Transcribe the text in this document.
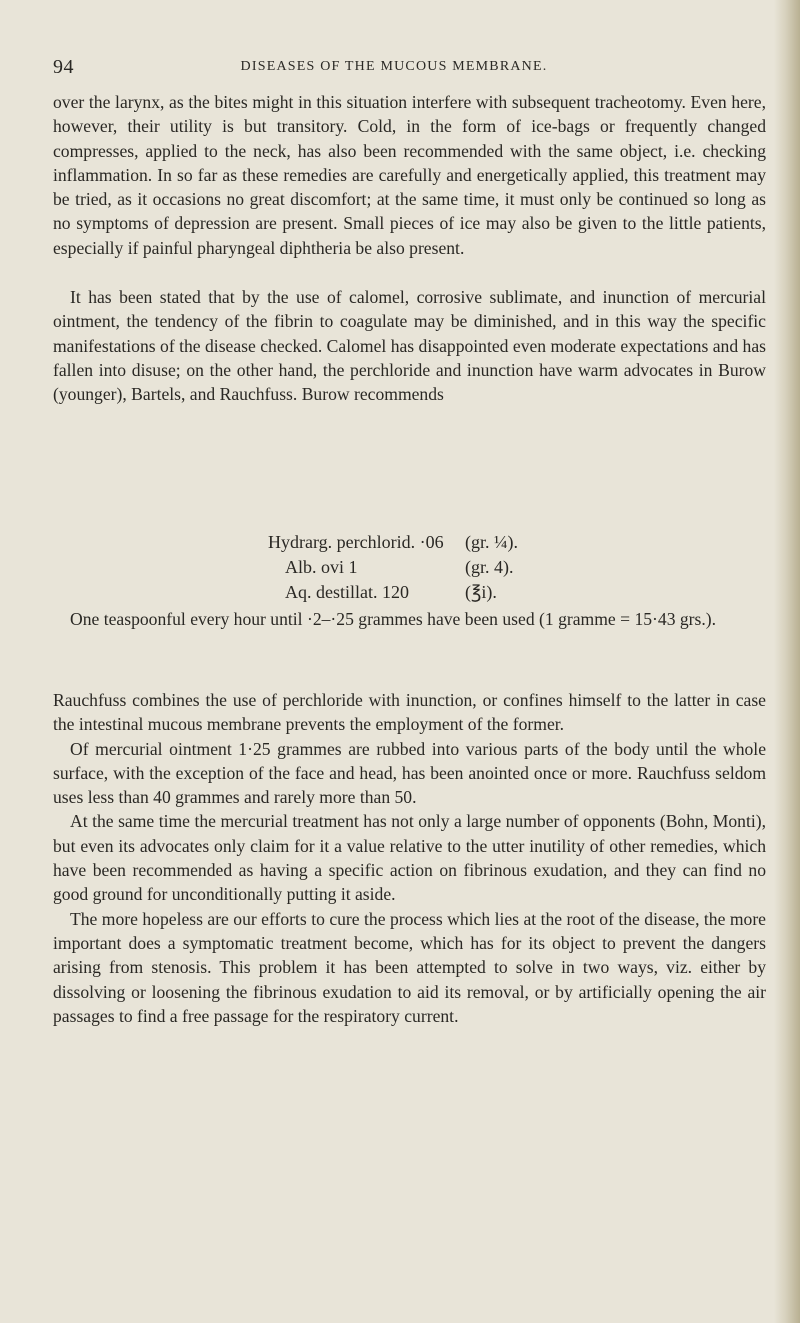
94	DISEASES OF THE MUCOUS MEMBRANE.

over the larynx, as the bites might in this situation interfere with subsequent tracheotomy. Even here, however, their utility is but transitory. Cold, in the form of ice-bags or frequently changed compresses, applied to the neck, has also been recommended with the same object, i.e. checking inflammation. In so far as these remedies are carefully and energetically applied, this treatment may be tried, as it occasions no great discomfort; at the same time, it must only be continued so long as no symptoms of depression are present. Small pieces of ice may also be given to the little patients, especially if painful pharyngeal diphtheria be also present.

It has been stated that by the use of calomel, corrosive sublimate, and inunction of mercurial ointment, the tendency of the fibrin to coagulate may be diminished, and in this way the specific manifestations of the disease checked. Calomel has disappointed even moderate expectations and has fallen into disuse; on the other hand, the perchloride and inunction have warm advocates in Burow (younger), Bartels, and Rauchfuss. Burow recommends

Hydrarg. perchlorid. ·06	(gr. ¼).
Alb. ovi 1	(gr. 4).
Aq. destillat. 120	(℥i).

One teaspoonful every hour until ·2–·25 grammes have been used (1 gramme = 15·43 grs.).

Rauchfuss combines the use of perchloride with inunction, or confines himself to the latter in case the intestinal mucous membrane prevents the employment of the former.

Of mercurial ointment 1·25 grammes are rubbed into various parts of the body until the whole surface, with the exception of the face and head, has been anointed once or more. Rauchfuss seldom uses less than 40 grammes and rarely more than 50.

At the same time the mercurial treatment has not only a large number of opponents (Bohn, Monti), but even its advocates only claim for it a value relative to the utter inutility of other remedies, which have been recommended as having a specific action on fibrinous exudation, and they can find no good ground for unconditionally putting it aside.

The more hopeless are our efforts to cure the process which lies at the root of the disease, the more important does a symptomatic treatment become, which has for its object to prevent the dangers arising from stenosis. This problem it has been attempted to solve in two ways, viz. either by dissolving or loosening the fibrinous exudation to aid its removal, or by artificially opening the air passages to find a free passage for the respiratory current.
